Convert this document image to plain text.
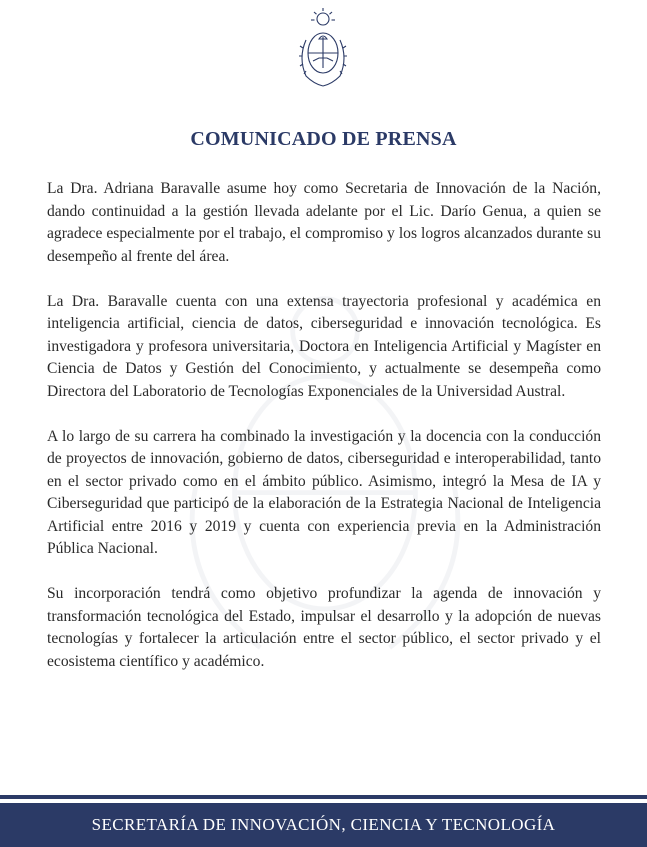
COMUNICADO DE PRENSA

La Dra. Adriana Baravalle asume hoy como Secretaria de Innovación de la Nación, dando continuidad a la gestión llevada adelante por el Lic. Darío Genua, a quien se agradece especialmente por el trabajo, el compromiso y los logros alcanzados durante su desempeño al frente del área.

La Dra. Baravalle cuenta con una extensa trayectoria profesional y académica en inteligencia artificial, ciencia de datos, ciberseguridad e innovación tecnológica. Es investigadora y profesora universitaria, Doctora en Inteligencia Artificial y Magíster en Ciencia de Datos y Gestión del Conocimiento, y actualmente se desempeña como Directora del Laboratorio de Tecnologías Exponenciales de la Universidad Austral.

A lo largo de su carrera ha combinado la investigación y la docencia con la conducción de proyectos de innovación, gobierno de datos, ciberseguridad e interoperabilidad, tanto en el sector privado como en el ámbito público. Asimismo, integró la Mesa de IA y Ciberseguridad que participó de la elaboración de la Estrategia Nacional de Inteligencia Artificial entre 2016 y 2019 y cuenta con experiencia previa en la Administración Pública Nacional.

Su incorporación tendrá como objetivo profundizar la agenda de innovación y transformación tecnológica del Estado, impulsar el desarrollo y la adopción de nuevas tecnologías y fortalecer la articulación entre el sector público, el sector privado y el ecosistema científico y académico.

SECRETARÍA DE INNOVACIÓN, CIENCIA Y TECNOLOGÍA
